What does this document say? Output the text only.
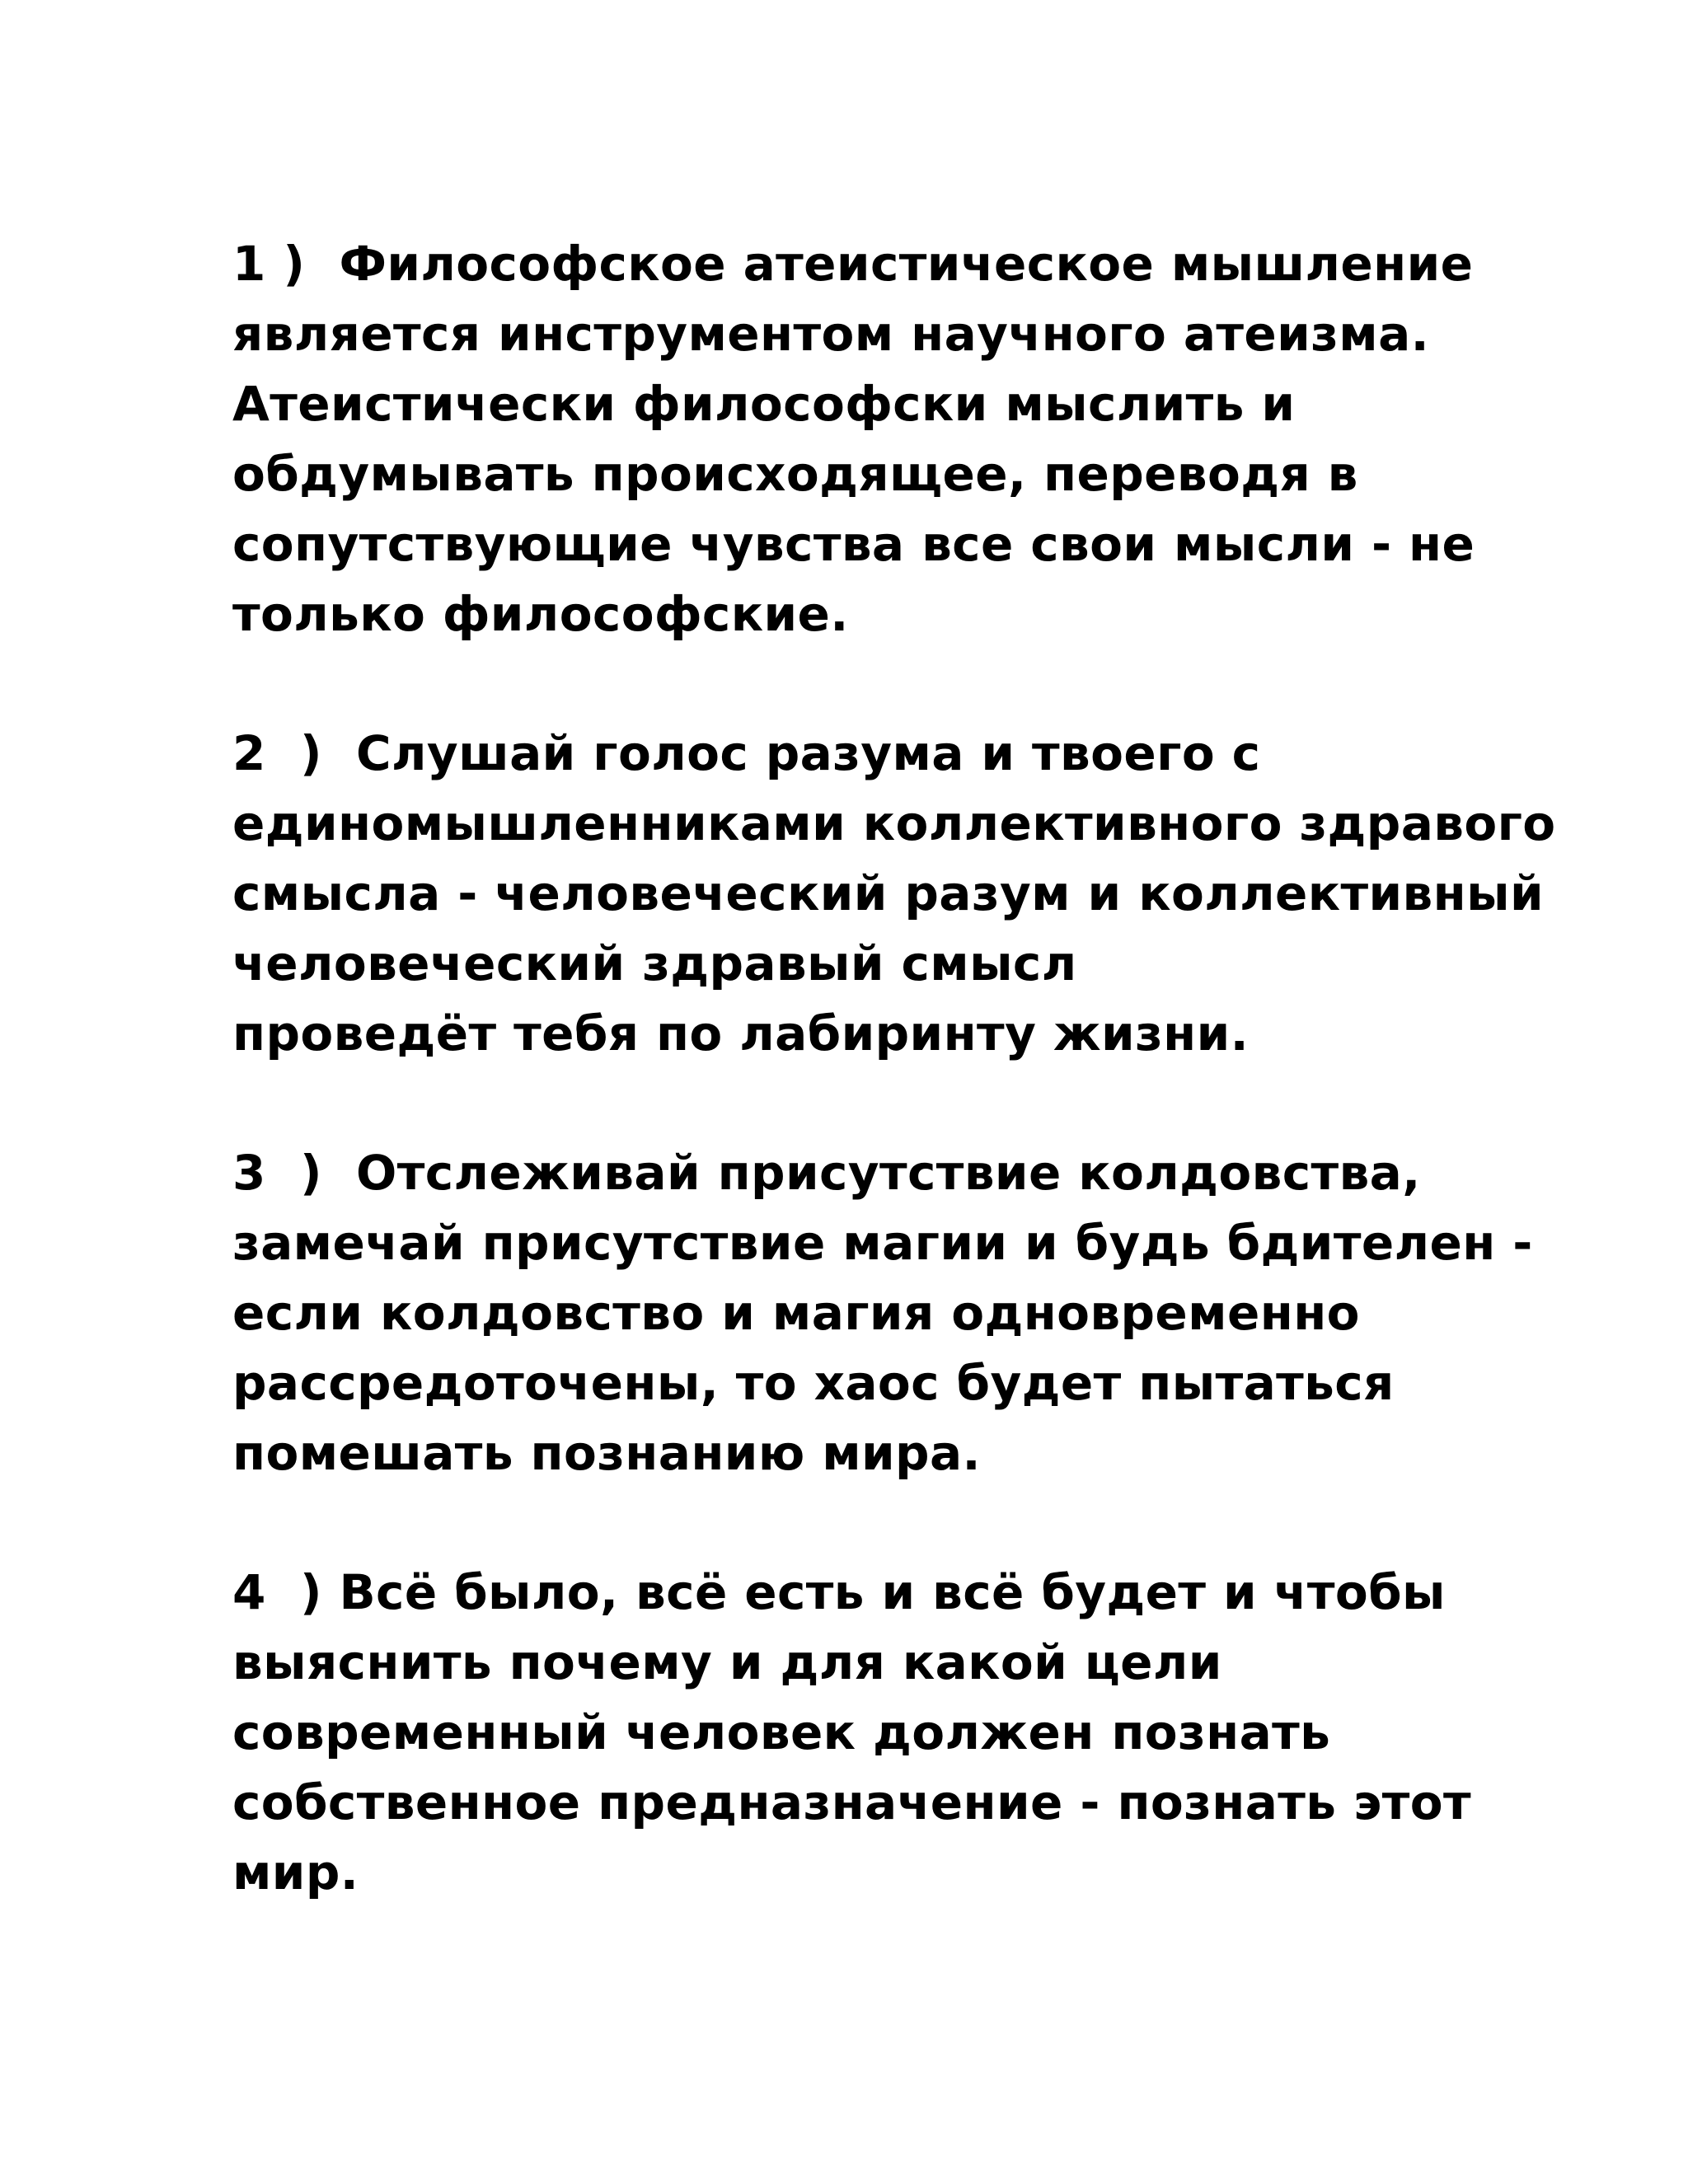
1 )  Философское атеистическое мышление
является инструментом научного атеизма.
Атеистически философски мыслить и
обдумывать происходящее, переводя в
сопутствующие чувства все свои мысли - не
только философские.
2  )  Слушай голос разума и твоего с
единомышленниками коллективного здравого
смысла - человеческий разум и коллективный
человеческий здравый смысл
проведёт тебя по лабиринту жизни.
3  )  Отслеживай присутствие колдовства,
замечай присутствие магии и будь бдителен -
если колдовство и магия одновременно
рассредоточены, то хаос будет пытаться
помешать познанию мира.
4  ) Всё было, всё есть и всё будет и чтобы
выяснить почему и для какой цели
современный человек должен познать
собственное предназначение - познать этот
мир.
